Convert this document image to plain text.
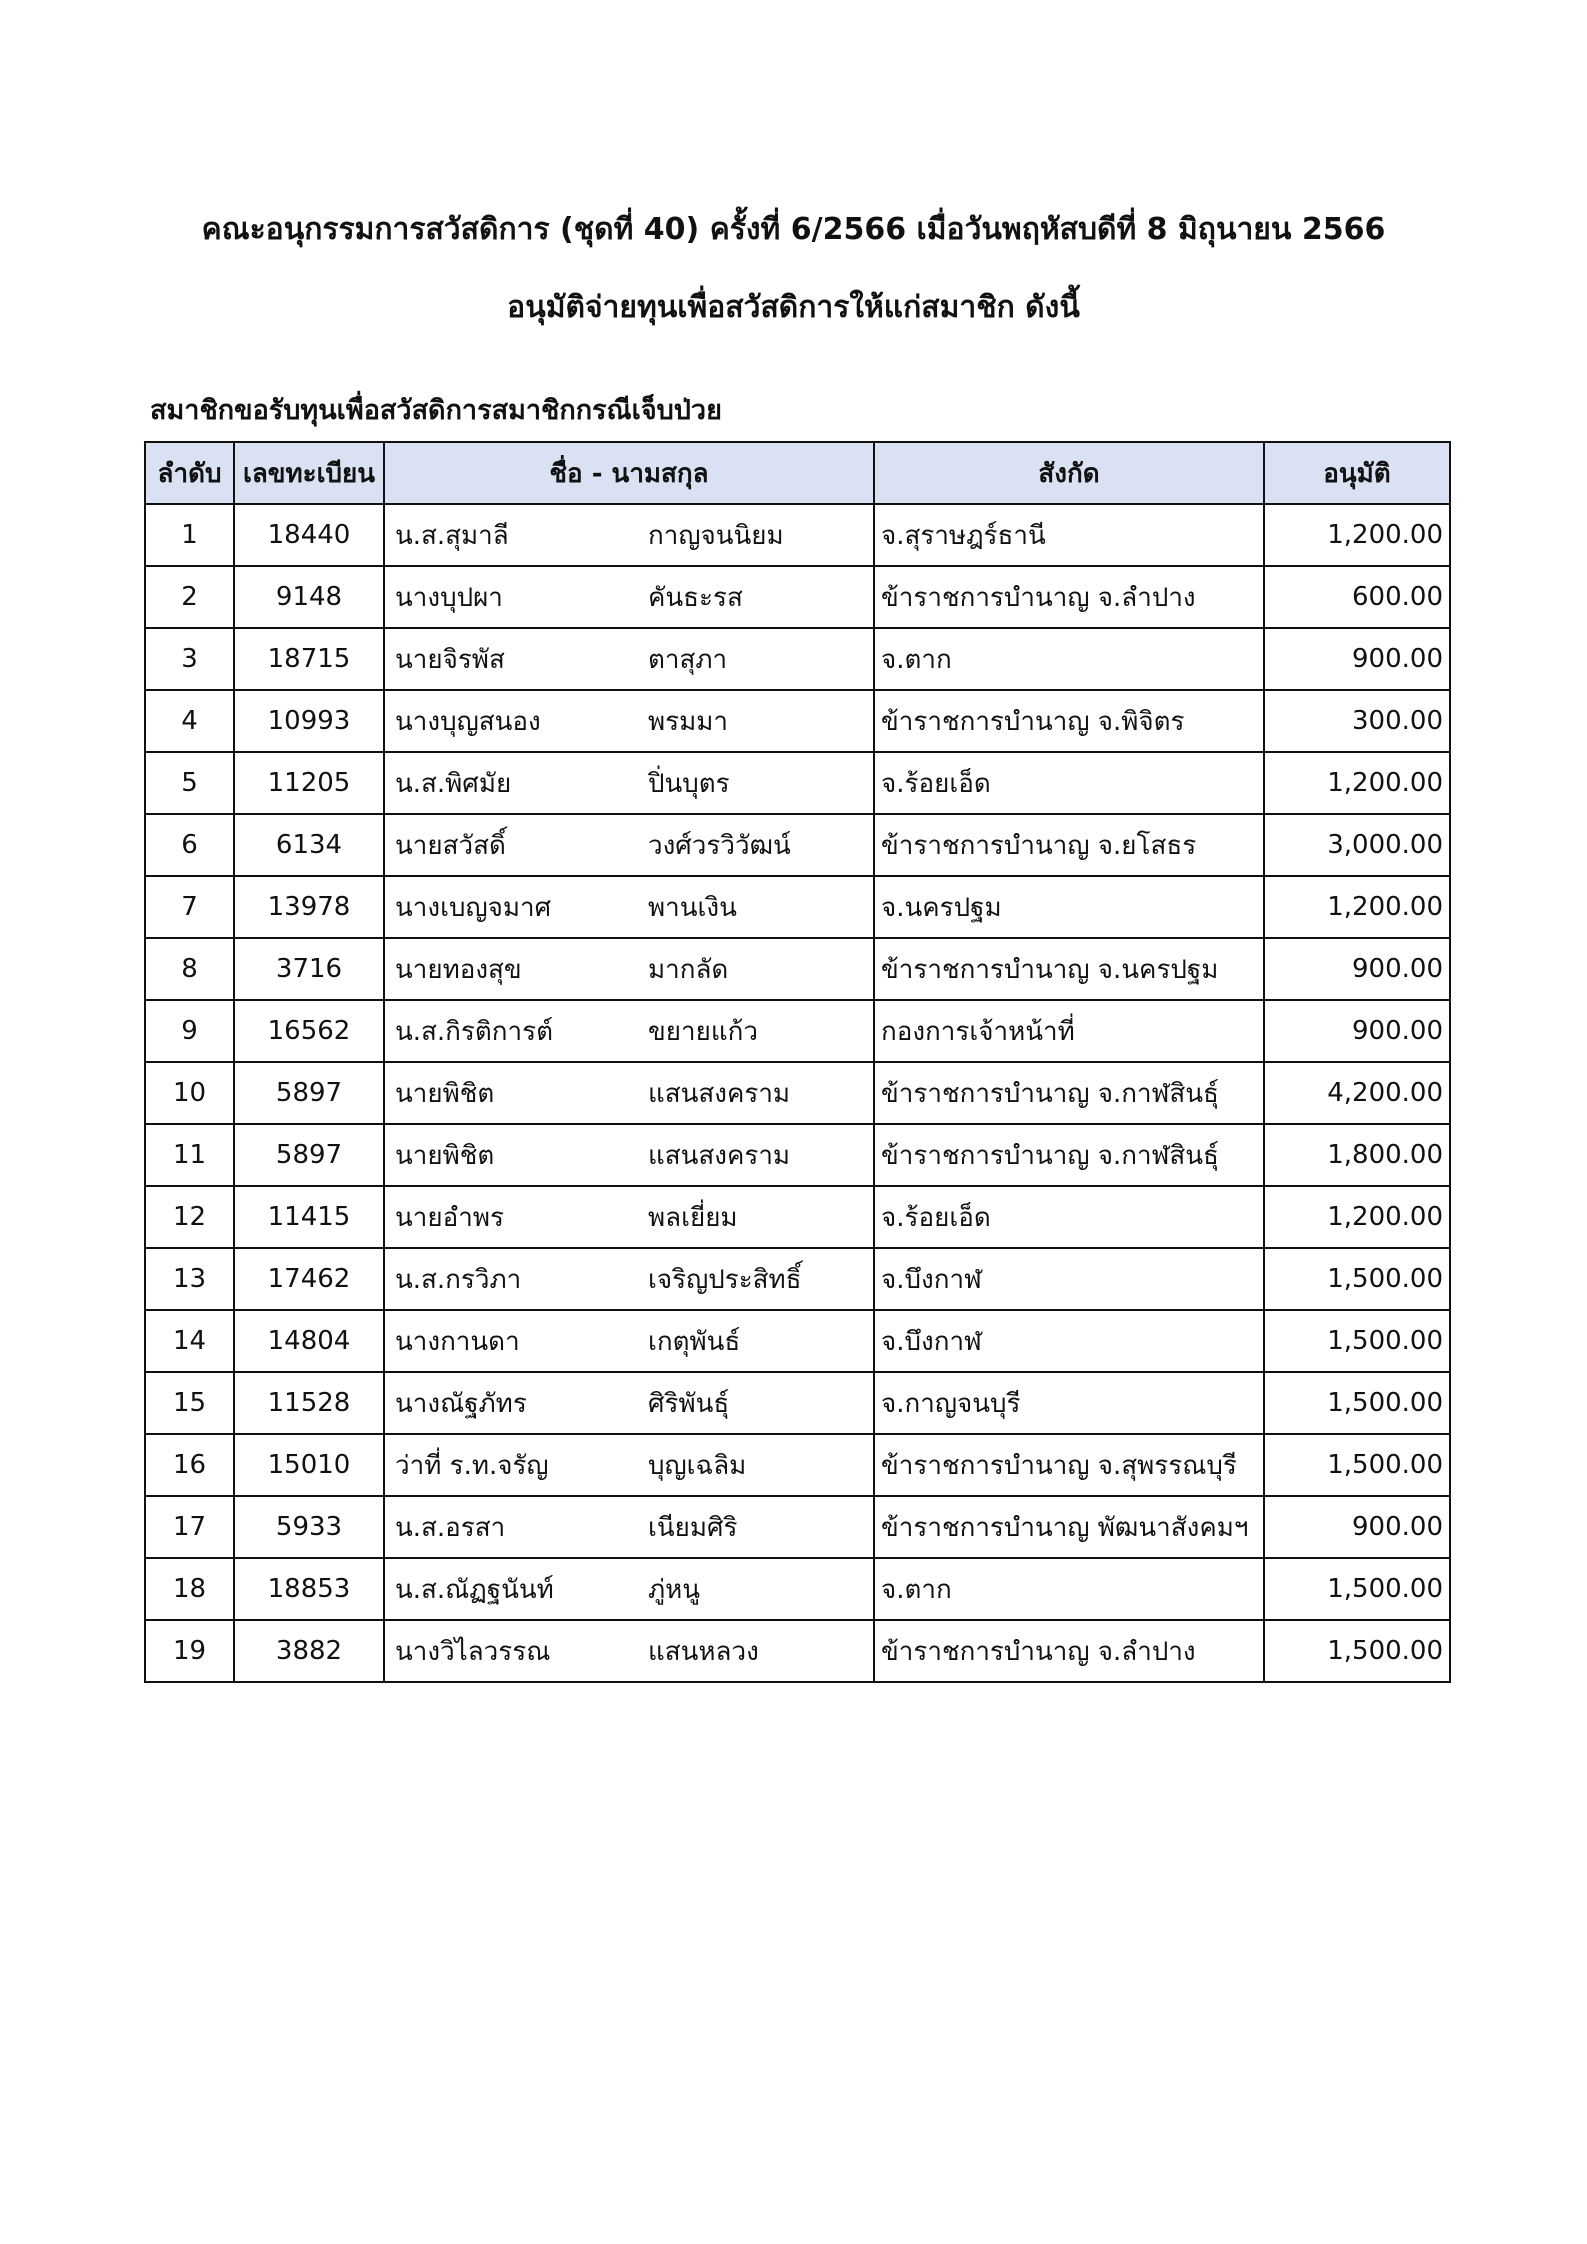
คณะอนุกรรมการสวัสดิการ (ชุดที่ 40) ครั้งที่ 6/2566 เมื่อวันพฤหัสบดีที่ 8 มิถุนายน 2566
อนุมัติจ่ายทุนเพื่อสวัสดิการให้แก่สมาชิก ดังนี้
สมาชิกขอรับทุนเพื่อสวัสดิการสมาชิกกรณีเจ็บป่วย
ลำดับ	เลขทะเบียน	ชื่อ - นามสกุล	สังกัด	อนุมัติ
1	18440	น.ส.สุมาลี กาญจนนิยม	จ.สุราษฎร์ธานี	1,200.00
2	9148	นางบุปผา คันธะรส	ข้าราชการบำนาญ จ.ลำปาง	600.00
3	18715	นายจิรพัส ตาสุภา	จ.ตาก	900.00
4	10993	นางบุญสนอง พรมมา	ข้าราชการบำนาญ จ.พิจิตร	300.00
5	11205	น.ส.พิศมัย ปิ่นบุตร	จ.ร้อยเอ็ด	1,200.00
6	6134	นายสวัสดิ์ วงศ์วรวิวัฒน์	ข้าราชการบำนาญ จ.ยโสธร	3,000.00
7	13978	นางเบญจมาศ พานเงิน	จ.นครปฐม	1,200.00
8	3716	นายทองสุข มากลัด	ข้าราชการบำนาญ จ.นครปฐม	900.00
9	16562	น.ส.กิรติการต์ ขยายแก้ว	กองการเจ้าหน้าที่	900.00
10	5897	นายพิชิต แสนสงคราม	ข้าราชการบำนาญ จ.กาฬสินธุ์	4,200.00
11	5897	นายพิชิต แสนสงคราม	ข้าราชการบำนาญ จ.กาฬสินธุ์	1,800.00
12	11415	นายอำพร พลเยี่ยม	จ.ร้อยเอ็ด	1,200.00
13	17462	น.ส.กรวิภา เจริญประสิทธิ์	จ.บึงกาฬ	1,500.00
14	14804	นางกานดา เกตุพันธ์	จ.บึงกาฬ	1,500.00
15	11528	นางณัฐภัทร ศิริพันธุ์	จ.กาญจนบุรี	1,500.00
16	15010	ว่าที่ ร.ท.จรัญ บุญเฉลิม	ข้าราชการบำนาญ จ.สุพรรณบุรี	1,500.00
17	5933	น.ส.อรสา เนียมศิริ	ข้าราชการบำนาญ พัฒนาสังคมฯ	900.00
18	18853	น.ส.ณัฏฐนันท์ ภู่หนู	จ.ตาก	1,500.00
19	3882	นางวิไลวรรณ แสนหลวง	ข้าราชการบำนาญ จ.ลำปาง	1,500.00
